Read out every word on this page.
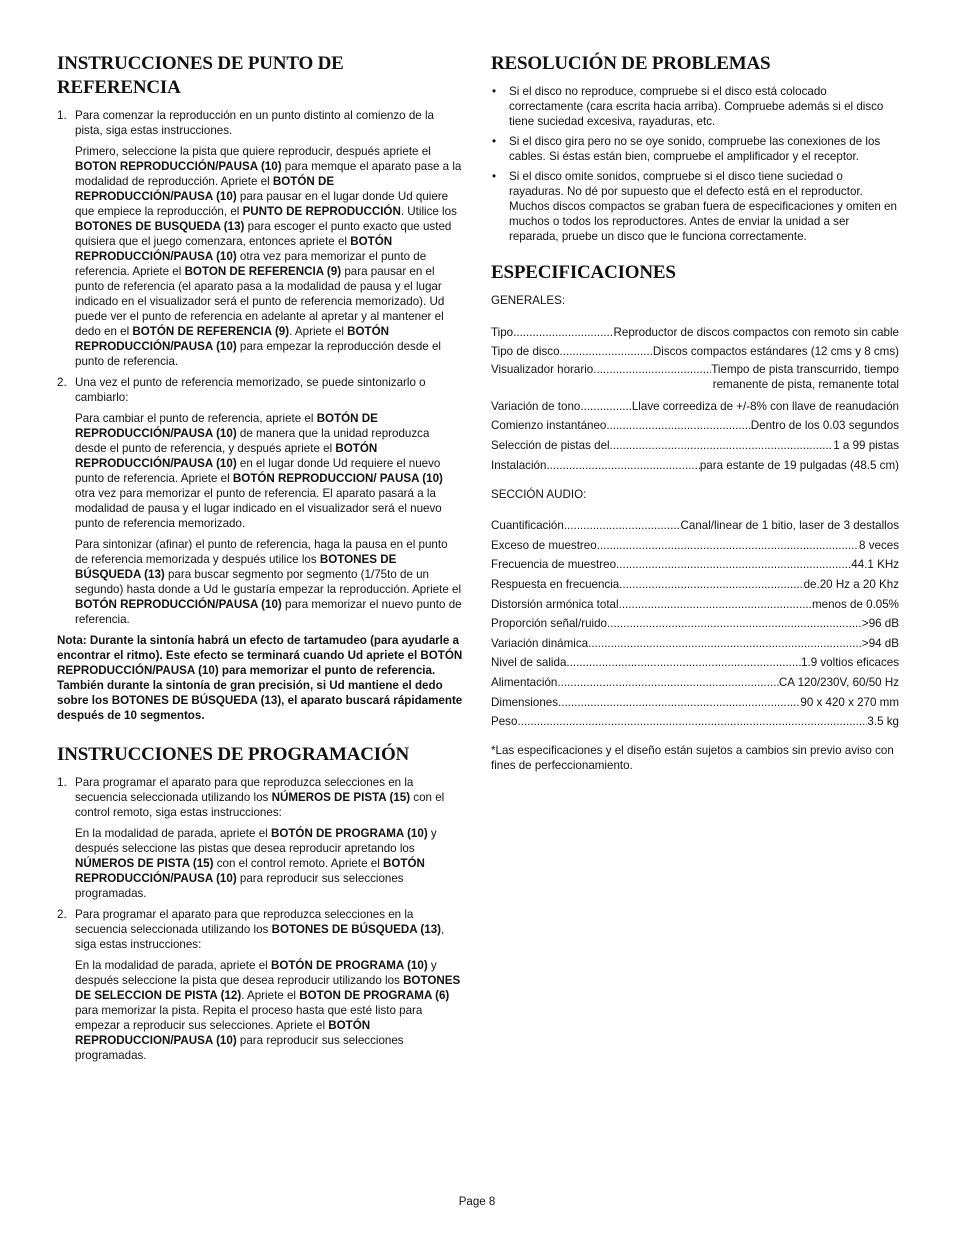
INSTRUCCIONES DE PUNTO DE REFERENCIA
1. Para comenzar la reproducción en un punto distinto al comienzo de la pista, siga estas instrucciones.
Primero, seleccione la pista que quiere reproducir, después apriete el BOTON REPRODUCCIÓN/PAUSA (10) para memque el aparato pase a la modalidad de reproducción. Apriete el BOTÓN DE REPRODUCCIÓN/PAUSA (10) para pausar en el lugar donde Ud quiere que empiece la reproducción, el PUNTO DE REPRODUCCIÓN. Utilice los BOTONES DE BUSQUEDA (13) para escoger el punto exacto que usted quisiera que el juego comenzara, entonces apriete el BOTÓN REPRODUCCIÓN/PAUSA (10) otra vez para memorizar el punto de referencia. Apriete el BOTON DE REFERENCIA (9) para pausar en el punto de referencia (el aparato pasa a la modalidad de pausa y el lugar indicado en el visualizador será el punto de referencia memorizado). Ud puede ver el punto de referencia en adelante al apretar y al mantener el dedo en el BOTÓN DE REFERENCIA (9). Apriete el BOTÓN REPRODUCCIÓN/PAUSA (10) para empezar la reproducción desde el punto de referencia.
2. Una vez el punto de referencia memorizado, se puede sintonizarlo o cambiarlo:
Para cambiar el punto de referencia, apriete el BOTÓN DE REPRODUCCIÓN/PAUSA (10) de manera que la unidad reproduzca desde el punto de referencia, y después apriete el BOTÓN REPRODUCCIÓN/PAUSA (10) en el lugar donde Ud requiere el nuevo punto de referencia. Apriete el BOTÓN REPRODUCCION/ PAUSA (10) otra vez para memorizar el punto de referencia. El aparato pasará a la modalidad de pausa y el lugar indicado en el visualizador será el nuevo punto de referencia memorizado.
Para sintonizar (afinar) el punto de referencia, haga la pausa en el punto de referencia memorizada y después utilice los BOTONES DE BÚSQUEDA (13) para buscar segmento por segmento (1/75to de un segundo) hasta donde a Ud le gustaría empezar la reproducción. Apriete el BOTÓN REPRODUCCIÓN/PAUSA (10) para memorizar el nuevo punto de referencia.
Nota: Durante la sintonía habrá un efecto de tartamudeo (para ayudarle a encontrar el ritmo). Este efecto se terminará cuando Ud apriete el BOTÓN REPRODUCCIÓN/PAUSA (10) para memorizar el punto de referencia. También durante la sintonía de gran precisión, si Ud mantiene el dedo sobre los BOTONES DE BÚSQUEDA (13), el aparato buscará rápidamente después de 10 segmentos.
INSTRUCCIONES DE PROGRAMACIÓN
1. Para programar el aparato para que reproduzca selecciones en la secuencia seleccionada utilizando los NÚMEROS DE PISTA (15) con el control remoto, siga estas instrucciones:
En la modalidad de parada, apriete el BOTÓN DE PROGRAMA (10) y después seleccione las pistas que desea reproducir apretando los NÚMEROS DE PISTA (15) con el control remoto. Apriete el BOTÓN REPRODUCCIÓN/PAUSA (10) para reproducir sus selecciones programadas.
2. Para programar el aparato para que reproduzca selecciones en la secuencia seleccionada utilizando los BOTONES DE BÚSQUEDA (13), siga estas instrucciones:
En la modalidad de parada, apriete el BOTÓN DE PROGRAMA (10) y después seleccione la pista que desea reproducir utilizando los BOTONES DE SELECCION DE PISTA (12). Apriete el BOTON DE PROGRAMA (6) para memorizar la pista. Repita el proceso hasta que esté listo para empezar a reproducir sus selecciones. Apriete el BOTÓN REPRODUCCION/PAUSA (10) para reproducir sus selecciones programadas.
RESOLUCIÓN DE PROBLEMAS
• Si el disco no reproduce, compruebe si el disco está colocado correctamente (cara escrita hacia arriba). Compruebe además si el disco tiene suciedad excesiva, rayaduras, etc.
• Si el disco gira pero no se oye sonido, compruebe las conexiones de los cables. Si éstas están bien, compruebe el amplificador y el receptor.
• Si el disco omite sonidos, compruebe si el disco tiene suciedad o rayaduras. No dé por supuesto que el defecto está en el reproductor. Muchos discos compactos se graban fuera de especificaciones y omiten en muchos o todos los reproductores. Antes de enviar la unidad a ser reparada, pruebe un disco que le funciona correctamente.
ESPECIFICACIONES
GENERALES:
Tipo .....	Reproductor de discos compactos con remoto sin cable
Tipo de disco .....	Discos compactos estándares (12 cms y 8 cms)
Visualizador horario .....	Tiempo de pista transcurrido, tiempo
remanente de pista, remanente total
Variación de tono .....	Llave correediza de +/-8% con llave de reanudación
Comienzo instantáneo .....	Dentro de los 0.03 segundos
Selección de pistas del .....	1 a 99 pistas
Instalación .....	para estante de 19 pulgadas (48.5 cm)
SECCIÓN AUDIO:
Cuantificación .....	Canal/linear de 1 bitio, laser de 3 destallos
Exceso de muestreo .....	8 veces
Frecuencia de muestreo .....	44.1 KHz
Respuesta en frecuencia .....	de.20 Hz a 20 Khz
Distorsión armónica total .....	menos de 0.05%
Proporción señal/ruido .....	>96 dB
Variación dinámica .....	>94 dB
Nivel de salida .....	1.9 voltios eficaces
Alimentación .....	CA 120/230V, 60/50 Hz
Dimensiones .....	90 x 420 x 270 mm
Peso .....	3.5 kg
*Las especificaciones y el diseño están sujetos a cambios sin previo aviso con fines de perfeccionamiento.
Page 8
